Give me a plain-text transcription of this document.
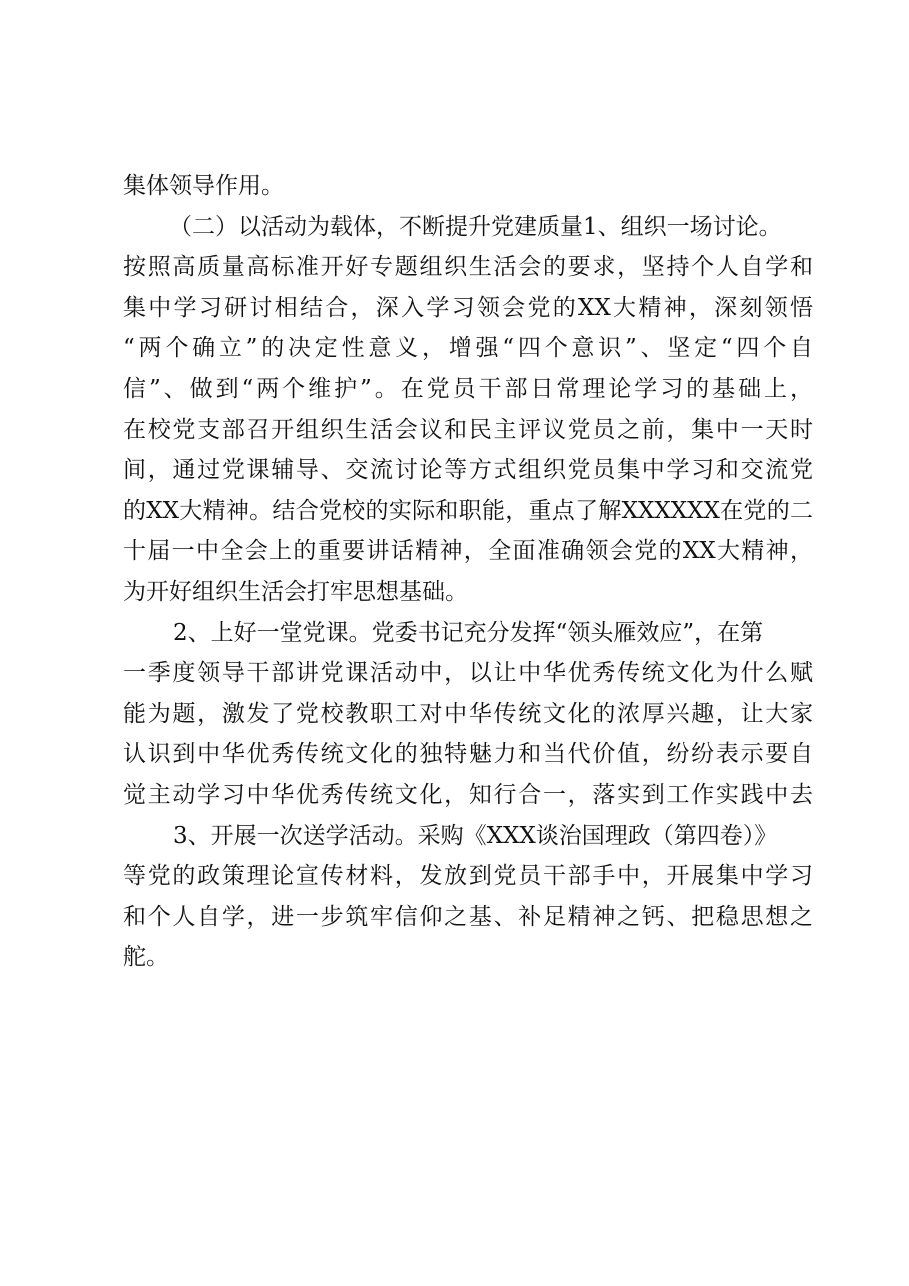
集体领导作用。
（二）以活动为载体，不断提升党建质量1、组织一场讨论。
按照高质量高标准开好专题组织生活会的要求，坚持个人自学和
集中学习研讨相结合，深入学习领会党的XX大精神，深刻领悟
“两个确立”的决定性意义，增强“四个意识”、坚定“四个自
信”、做到“两个维护”。在党员干部日常理论学习的基础上，
在校党支部召开组织生活会议和民主评议党员之前，集中一天时
间，通过党课辅导、交流讨论等方式组织党员集中学习和交流党
的XX大精神。结合党校的实际和职能，重点了解XXXXXX在党的二
十届一中全会上的重要讲话精神，全面准确领会党的XX大精神，
为开好组织生活会打牢思想基础。
2、上好一堂党课。党委书记充分发挥“领头雁效应”，在第
一季度领导干部讲党课活动中，以让中华优秀传统文化为什么赋
能为题，激发了党校教职工对中华传统文化的浓厚兴趣，让大家
认识到中华优秀传统文化的独特魅力和当代价值，纷纷表示要自
觉主动学习中华优秀传统文化，知行合一，落实到工作实践中去
3、开展一次送学活动。采购《XXX谈治国理政（第四卷）》
等党的政策理论宣传材料，发放到党员干部手中，开展集中学习
和个人自学，进一步筑牢信仰之基、补足精神之钙、把稳思想之
舵。
